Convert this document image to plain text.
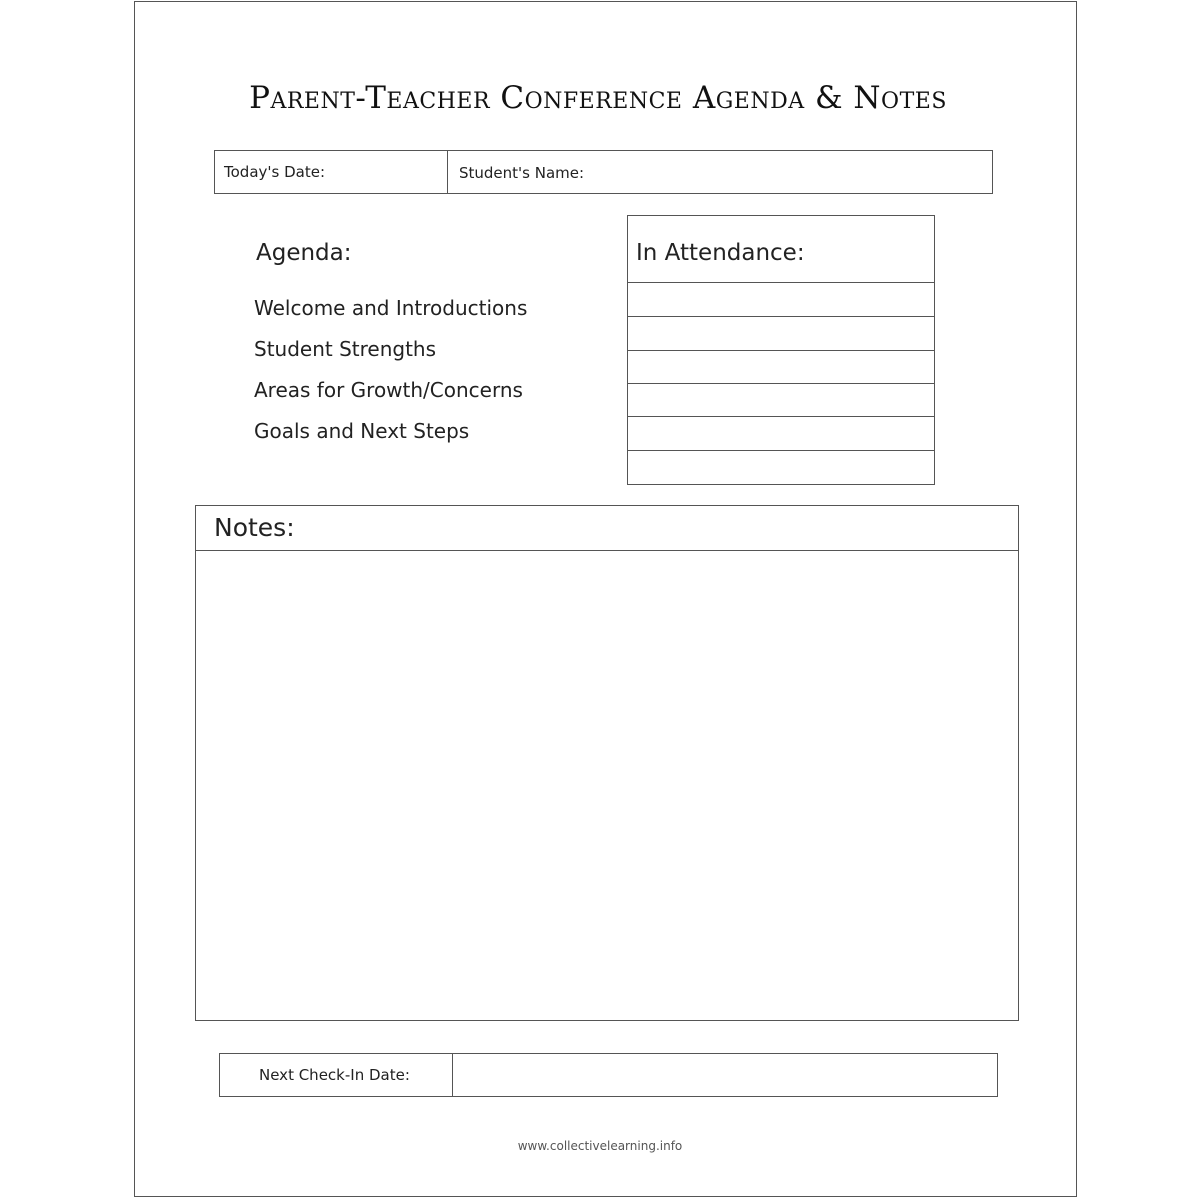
Parent-Teacher Conference Agenda & Notes
Today's Date:	Student's Name:
Agenda:
Welcome and Introductions
Student Strengths
Areas for Growth/Concerns
Goals and Next Steps
In Attendance:
Notes:
Next Check-In Date:
www.collectivelearning.info
